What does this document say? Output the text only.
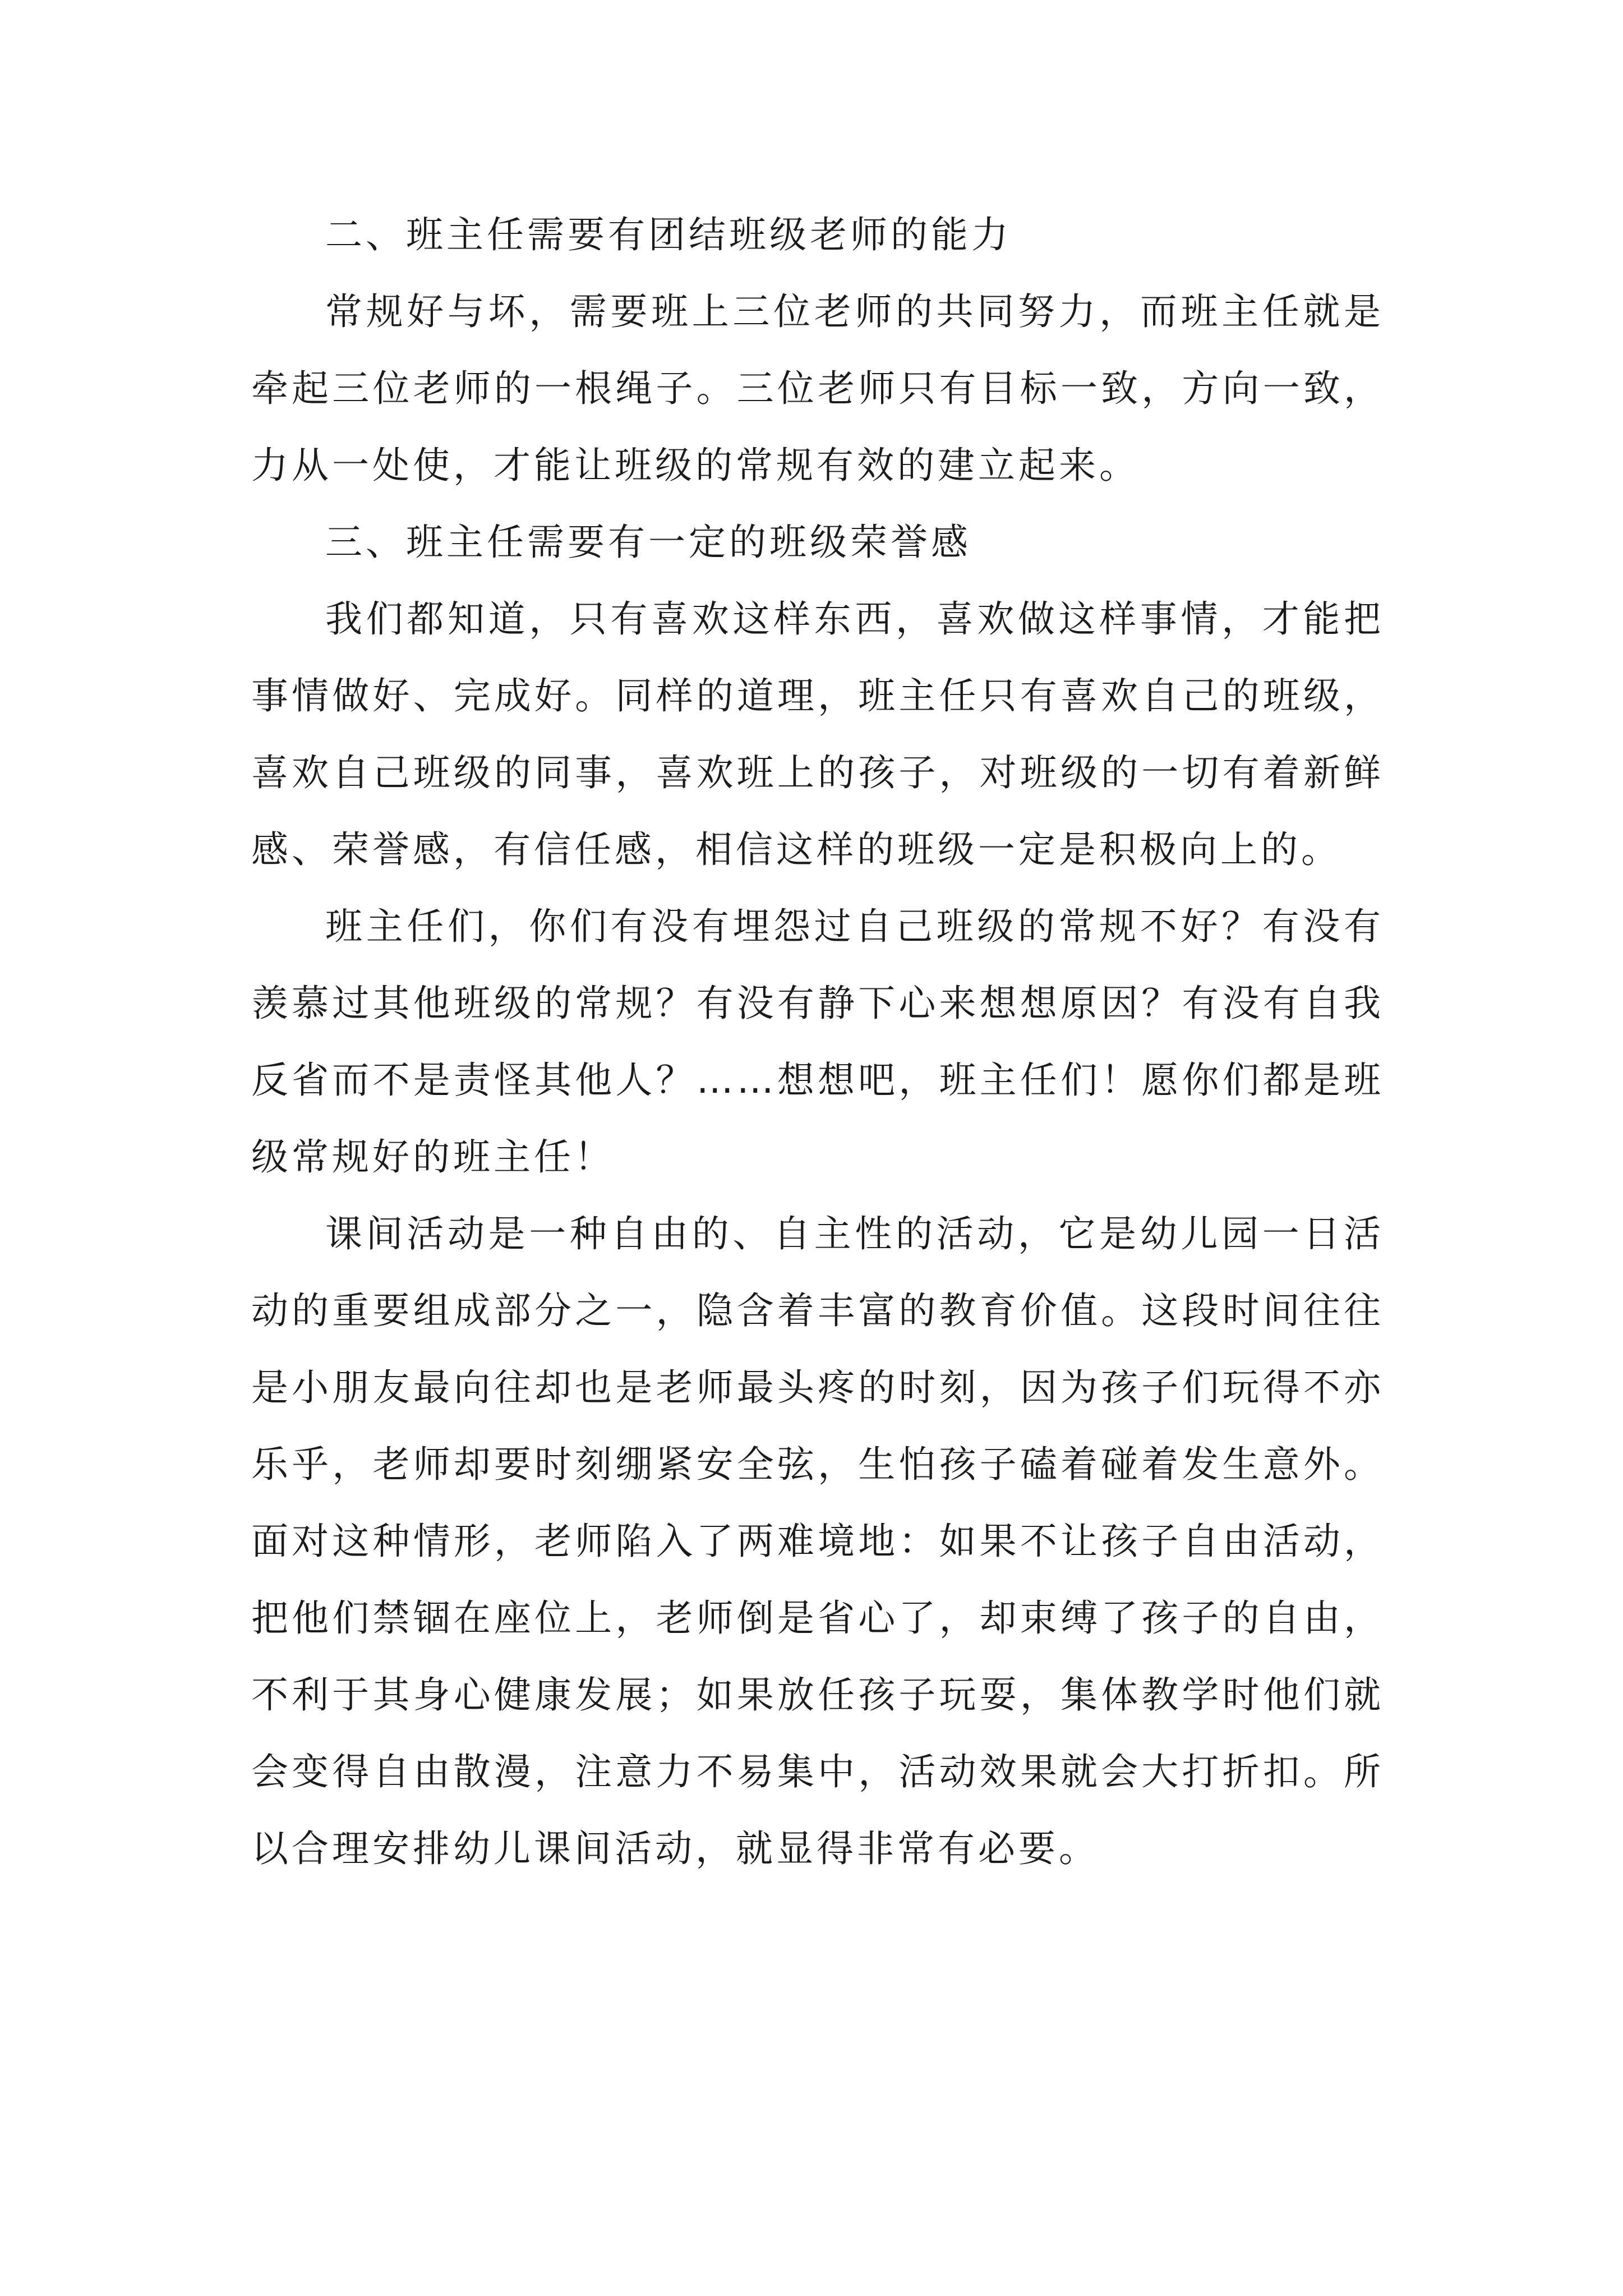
二、班主任需要有团结班级老师的能力

常规好与坏，需要班上三位老师的共同努力，而班主任就是牵起三位老师的一根绳子。三位老师只有目标一致，方向一致，力从一处使，才能让班级的常规有效的建立起来。

三、班主任需要有一定的班级荣誉感

我们都知道，只有喜欢这样东西，喜欢做这样事情，才能把事情做好、完成好。同样的道理，班主任只有喜欢自己的班级，喜欢自己班级的同事，喜欢班上的孩子，对班级的一切有着新鲜感、荣誉感，有信任感，相信这样的班级一定是积极向上的。

班主任们，你们有没有埋怨过自己班级的常规不好？有没有羡慕过其他班级的常规？有没有静下心来想想原因？有没有自我反省而不是责怪其他人？……想想吧，班主任们！愿你们都是班级常规好的班主任！

课间活动是一种自由的、自主性的活动，它是幼儿园一日活动的重要组成部分之一，隐含着丰富的教育价值。这段时间往往是小朋友最向往却也是老师最头疼的时刻，因为孩子们玩得不亦乐乎，老师却要时刻绷紧安全弦，生怕孩子磕着碰着发生意外。面对这种情形，老师陷入了两难境地：如果不让孩子自由活动，把他们禁锢在座位上，老师倒是省心了，却束缚了孩子的自由，不利于其身心健康发展；如果放任孩子玩耍，集体教学时他们就会变得自由散漫，注意力不易集中，活动效果就会大打折扣。所以合理安排幼儿课间活动，就显得非常有必要。
